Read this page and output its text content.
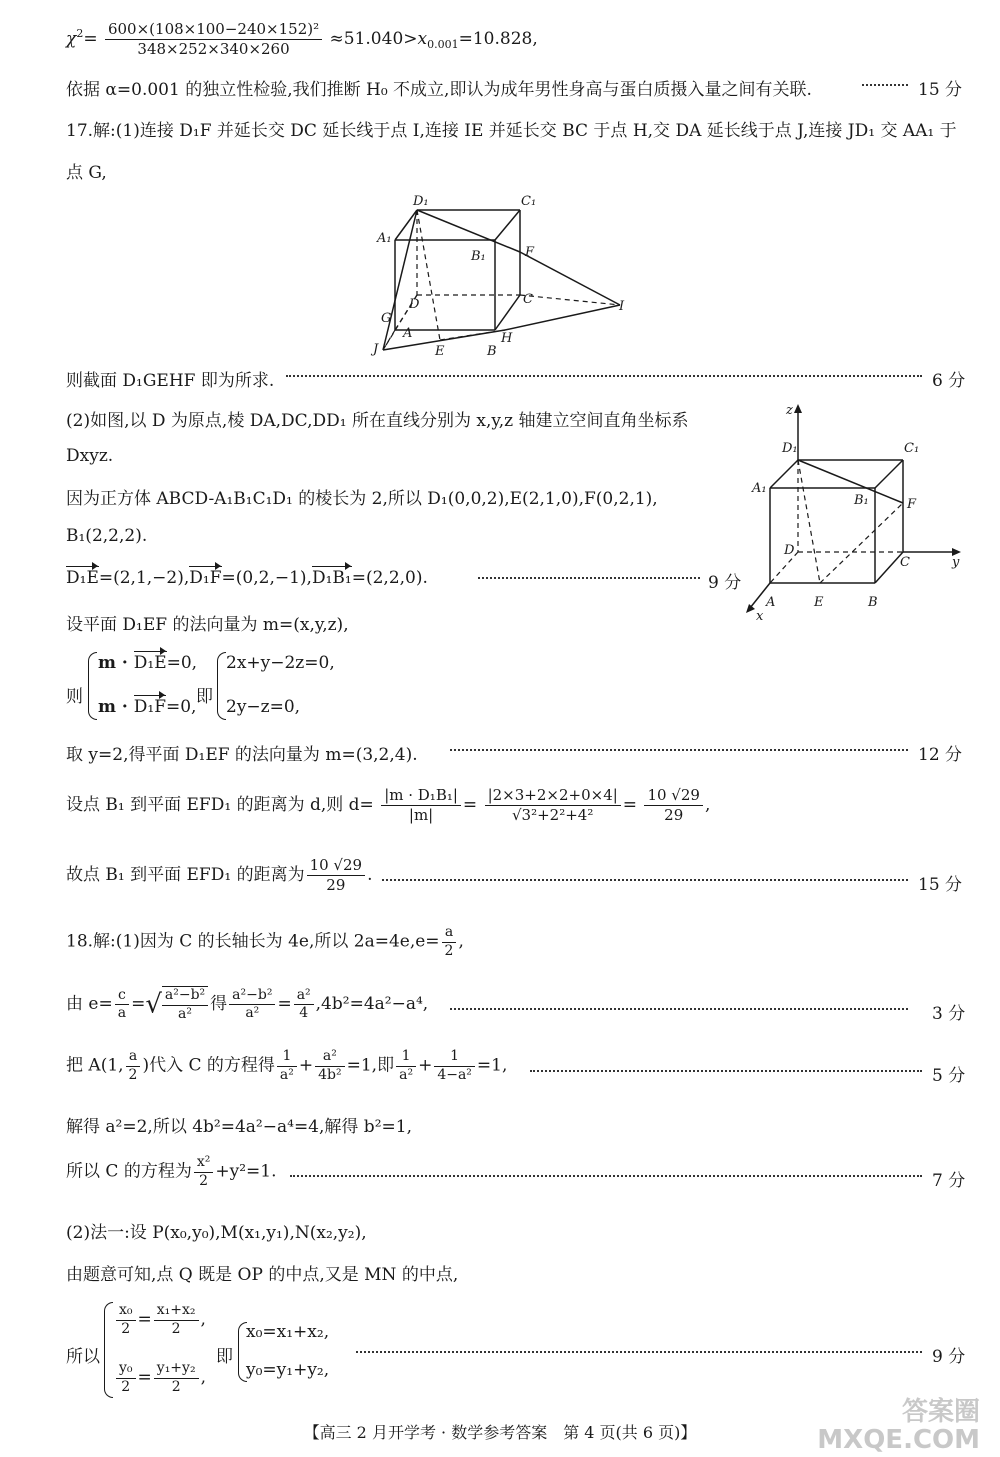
$\chi^2= \frac{\text{600×(108×100−240×152)²}}{348\times 252\times 340\times 260} \approx 51.040>x_{0.001}=10.828$,
依据 α=0.001 的独立性检验,我们推断 H₀ 不成立,即认为成年男性身高与蛋白质摄入量之间有关联.	15 分
17.解:(1)连接 D₁F 并延长交 DC 延长线于点 I,连接 IE 并延长交 BC 于点 H,交 DA 延长线于点 J,连接 JD₁ 交 AA₁ 于
点 G,
D₁	C₁
A₁
B₁	F
D	C	I
G
A	H
J	E	B
则截面 D₁GEHF 即为所求.	6 分
(2)如图,以 D 为原点,棱 DA,DC,DD₁ 所在直线分别为 x,y,z 轴建立空间直角坐标系
Dxyz.
因为正方体 ABCD-A₁B₁C₁D₁ 的棱长为 2,所以 D₁(0,0,2),E(2,1,0),F(0,2,1),
B₁(2,2,2).
D₁E=(2,1,−2),D₁F=(0,2,−1),D₁B₁=(2,2,0).	9 分
z
D₁	C₁
A₁
B₁	F
D
C	y
A	E	B
x
设平面 D₁EF 的法向量为 m=(x,y,z),
则
m · D₁E=0,
m · D₁F=0, 即
2x+y−2z=0,
2y−z=0,
取 y=2,得平面 D₁EF 的法向量为 m=(3,2,4).	12 分
设点 B₁ 到平面 EFD₁ 的距离为 d,则 $d= \frac{\text{|m · D₁B₁|}}{|m|} = \frac{|2\times 3+2\times 2+0\times 4|}{\text{√3²+2²+4²}} = \frac{10 √29}{29}$ ,
故点 B₁ 到平面 EFD₁ 的距离为 $\frac{10 √29}{29}$ .
15 分
18.解:(1)因为 C 的长轴长为 4e,所以 $2a=4e,e= \frac{a}{2}$ ,
由 $e= \frac{c}{a}$ =√ $\frac{\text{a²−b²}}{\text{a²}}$ 得 $\frac{\text{a²−b²}}{\text{a²}} = \frac{\text{a²}}{4} ,4b^2=4a^2-a^4$,	3 分
把 A(1, $\frac{a}{2}$ )代入 C 的方程得 $\frac{1}{\text{a²}} + \frac{\text{a²}}{\text{4b²}} =1$,即 $\frac{1}{\text{a²}} + \frac{1}{\text{4−a²}} =1$,
5 分
解得 a²=2,所以 4b²=4a²−a⁴=4,解得 b²=1,
所以 C 的方程为 $\frac{\text{x²}}{2} +y^2=1$.	7 分
(2)法一:设 P(x₀,y₀),M(x₁,y₁),N(x₂,y₂),
由题意可知,点 Q 既是 OP 的中点,又是 MN 的中点,
所以
$\frac{\text{x₀}}{2} = \frac{\text{x₁+x₂}}{2}$ ,
$\frac{\text{y₀}}{2} = \frac{\text{y₁+y₂}}{2}$ ,
即
x₀=x₁+x₂,
y₀=y₁+y₂,
9 分
【高三 2 月开学考 · 数学参考答案　第 4 页(共 6 页)】
答案圈
MXQE.COM
